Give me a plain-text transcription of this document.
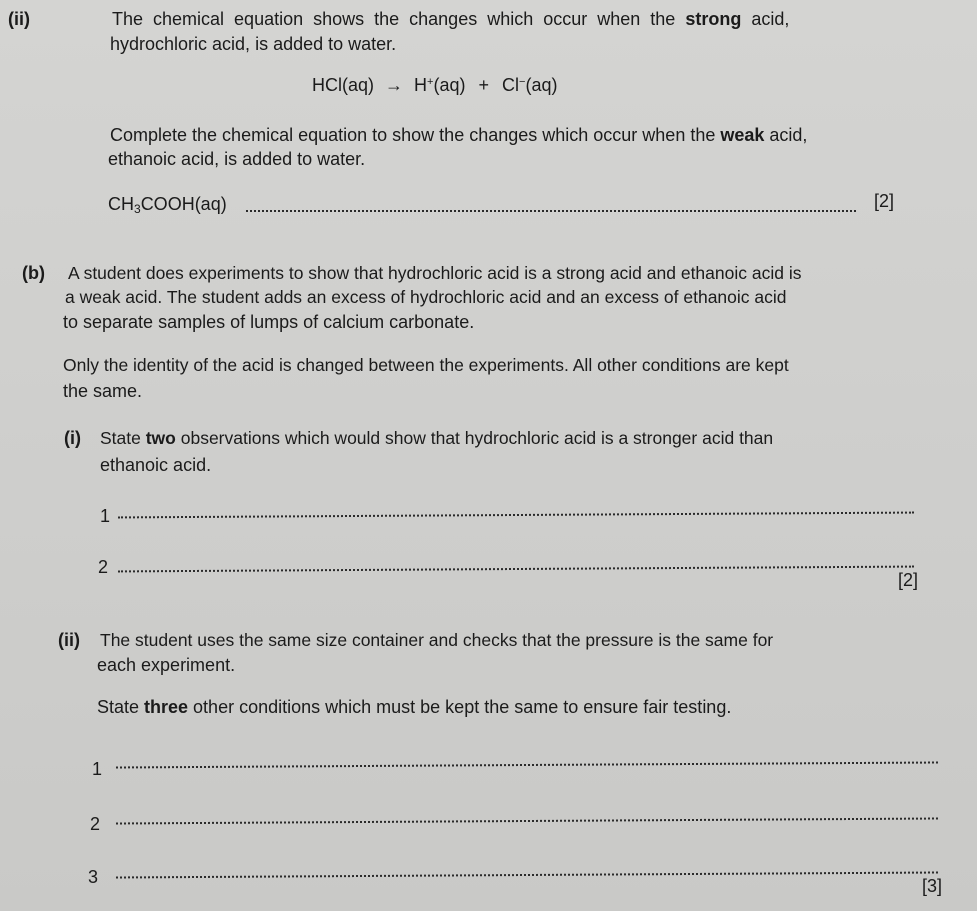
(ii)	The chemical equation shows the changes which occur when the strong acid,
hydrochloric acid, is added to water.
HCl(aq) → H+(aq) + Cl−(aq)
Complete the chemical equation to show the changes which occur when the weak acid,
ethanoic acid, is added to water.
$CH_3COOH(aq)$	[2]
(b) A student does experiments to show that hydrochloric acid is a strong acid and ethanoic acid is
a weak acid. The student adds an excess of hydrochloric acid and an excess of ethanoic acid
to separate samples of lumps of calcium carbonate.
Only the identity of the acid is changed between the experiments. All other conditions are kept
the same.
(i) State two observations which would show that hydrochloric acid is a stronger acid than
ethanoic acid.
1
2
[2]
(ii) The student uses the same size container and checks that the pressure is the same for
each experiment.
State three other conditions which must be kept the same to ensure fair testing.
1
2
3	[3]
